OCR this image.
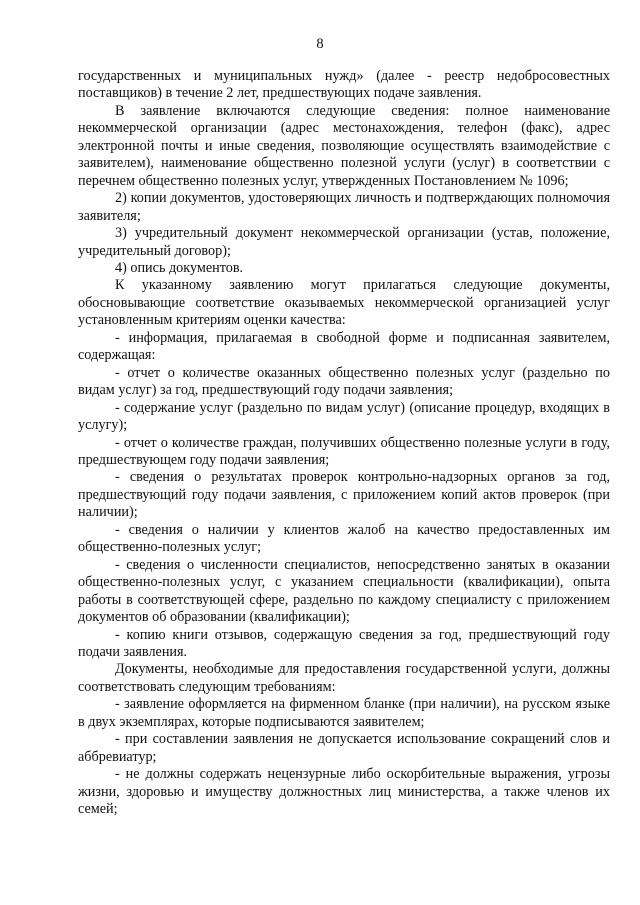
8

государственных и муниципальных нужд» (далее - реестр недобросовестных поставщиков) в течение 2 лет, предшествующих подаче заявления.

В заявление включаются следующие сведения: полное наименование некоммерческой организации (адрес местонахождения, телефон (факс), адрес электронной почты и иные сведения, позволяющие осуществлять взаимодействие с заявителем), наименование общественно полезной услуги (услуг) в соответствии с перечнем общественно полезных услуг, утвержденных Постановлением № 1096;

2) копии документов, удостоверяющих личность и подтверждающих полномочия заявителя;

3) учредительный документ некоммерческой организации (устав, положение, учредительный договор);

4) опись документов.

К указанному заявлению могут прилагаться следующие документы, обосновывающие соответствие оказываемых некоммерческой организацией услуг установленным критериям оценки качества:

- информация, прилагаемая в свободной форме и подписанная заявителем, содержащая:

- отчет о количестве оказанных общественно полезных услуг (раздельно по видам услуг) за год, предшествующий году подачи заявления;

- содержание услуг (раздельно по видам услуг) (описание процедур, входящих в услугу);

- отчет о количестве граждан, получивших общественно полезные услуги в году, предшествующем году подачи заявления;

- сведения о результатах проверок контрольно-надзорных органов за год, предшествующий году подачи заявления, с приложением копий актов проверок (при наличии);

- сведения о наличии у клиентов жалоб на качество предоставленных им общественно-полезных услуг;

- сведения о численности специалистов, непосредственно занятых в оказании общественно-полезных услуг, с указанием специальности (квалификации), опыта работы в соответствующей сфере, раздельно по каждому специалисту с приложением документов об образовании (квалификации);

- копию книги отзывов, содержащую сведения за год, предшествующий году подачи заявления.

Документы, необходимые для предоставления государственной услуги, должны соответствовать следующим требованиям:

- заявление оформляется на фирменном бланке (при наличии), на русском языке в двух экземплярах, которые подписываются заявителем;

- при составлении заявления не допускается использование сокращений слов и аббревиатур;

- не должны содержать нецензурные либо оскорбительные выражения, угрозы жизни, здоровью и имуществу должностных лиц министерства, а также членов их семей;
